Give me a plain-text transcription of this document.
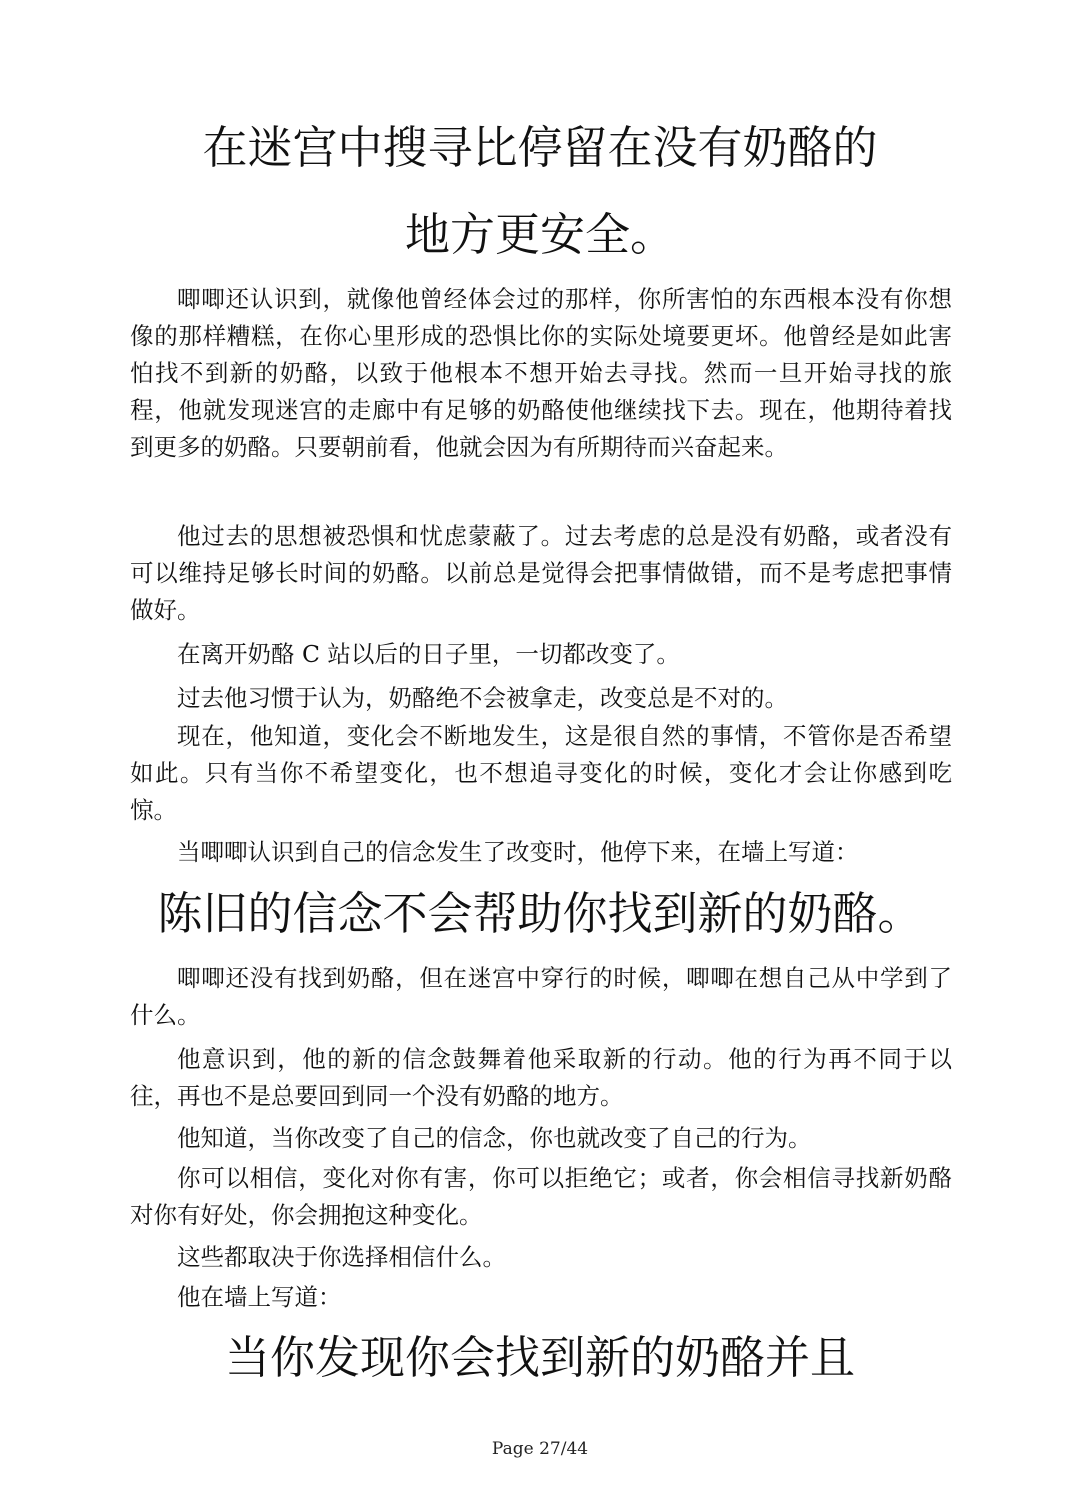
在迷宫中搜寻比停留在没有奶酪的
地方更安全。

唧唧还认识到，就像他曾经体会过的那样，你所害怕的东西根本没有你想像的那样糟糕，在你心里形成的恐惧比你的实际处境要更坏。他曾经是如此害怕找不到新的奶酪，以致于他根本不想开始去寻找。然而一旦开始寻找的旅程，他就发现迷宫的走廊中有足够的奶酪使他继续找下去。现在，他期待着找到更多的奶酪。只要朝前看，他就会因为有所期待而兴奋起来。

他过去的思想被恐惧和忧虑蒙蔽了。过去考虑的总是没有奶酪，或者没有可以维持足够长时间的奶酪。以前总是觉得会把事情做错，而不是考虑把事情做好。

在离开奶酪 C 站以后的日子里，一切都改变了。

过去他习惯于认为，奶酪绝不会被拿走，改变总是不对的。

现在，他知道，变化会不断地发生，这是很自然的事情，不管你是否希望如此。只有当你不希望变化，也不想追寻变化的时候，变化才会让你感到吃惊。

当唧唧认识到自己的信念发生了改变时，他停下来，在墙上写道：

陈旧的信念不会帮助你找到新的奶酪。

唧唧还没有找到奶酪，但在迷宫中穿行的时候，唧唧在想自己从中学到了什么。

他意识到，他的新的信念鼓舞着他采取新的行动。他的行为再不同于以往，再也不是总要回到同一个没有奶酪的地方。

他知道，当你改变了自己的信念，你也就改变了自己的行为。

你可以相信，变化对你有害，你可以拒绝它；或者，你会相信寻找新奶酪对你有好处，你会拥抱这种变化。

这些都取决于你选择相信什么。

他在墙上写道：

当你发现你会找到新的奶酪并且
Page 27/44
